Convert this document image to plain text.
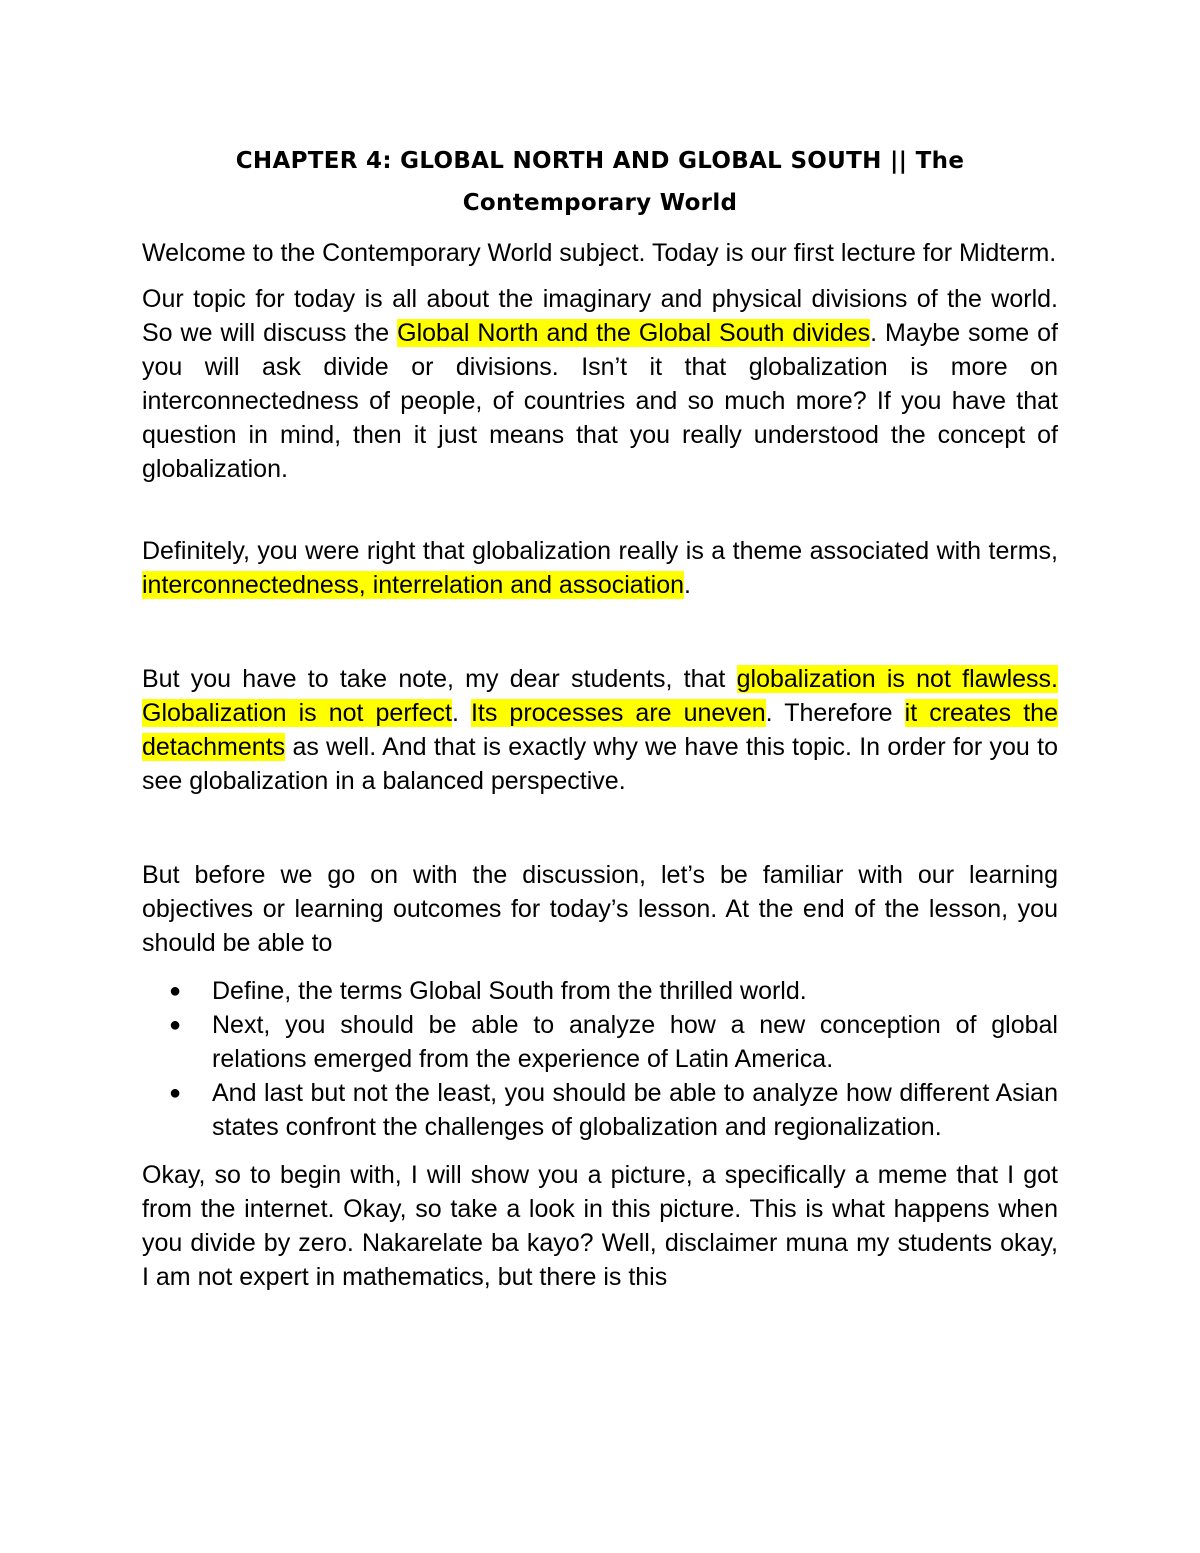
CHAPTER 4: GLOBAL NORTH AND GLOBAL SOUTH || The
Contemporary World

Welcome to the Contemporary World subject. Today is our first lecture for Midterm.

Our topic for today is all about the imaginary and physical divisions of the world. So we will discuss the Global North and the Global South divides. Maybe some of you will ask divide or divisions. Isn’t it that globalization is more on interconnectedness of people, of countries and so much more? If you have that question in mind, then it just means that you really understood the concept of globalization.

Definitely, you were right that globalization really is a theme associated with terms, interconnectedness, interrelation and association.

But you have to take note, my dear students, that globalization is not flawless. Globalization is not perfect. Its processes are uneven. Therefore it creates the detachments as well. And that is exactly why we have this topic. In order for you to see globalization in a balanced perspective.

But before we go on with the discussion, let’s be familiar with our learning objectives or learning outcomes for today’s lesson. At the end of the lesson, you should be able to

● Define, the terms Global South from the thrilled world.
● Next, you should be able to analyze how a new conception of global relations emerged from the experience of Latin America.
● And last but not the least, you should be able to analyze how different Asian states confront the challenges of globalization and regionalization.

Okay, so to begin with, I will show you a picture, a specifically a meme that I got from the internet. Okay, so take a look in this picture. This is what happens when you divide by zero. Nakarelate ba kayo? Well, disclaimer muna my students okay, I am not expert in mathematics, but there is this
